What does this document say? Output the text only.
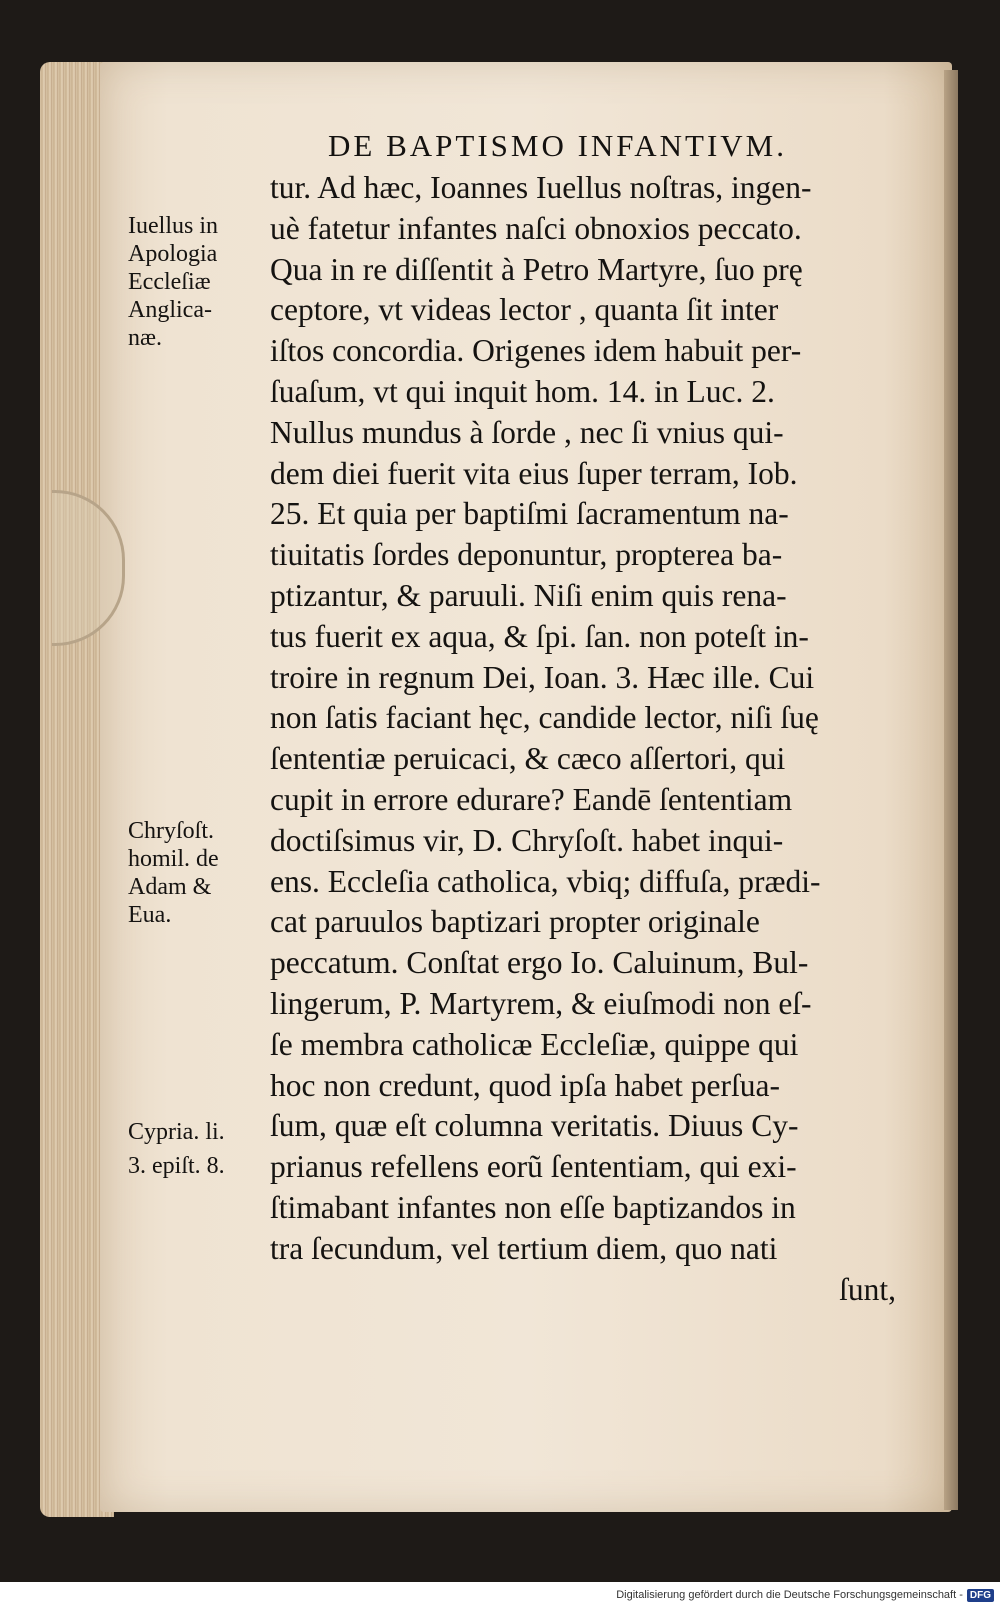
DE BAPTISMO INFANTIVM.
tur. Ad hæc, Ioannes Iuellus noſtras, ingen-
uè fatetur infantes naſci obnoxios peccato.
Qua in re diſſentit à Petro Martyre, ſuo prę
ceptore, vt videas lector , quanta ſit inter
iſtos concordia. Origenes idem habuit per-
ſuaſum, vt qui inquit hom. 14. in Luc. 2.
Nullus mundus à ſorde , nec ſi vnius qui-
dem diei fuerit vita eius ſuper terram, Iob.
25. Et quia per baptiſmi ſacramentum na-
tiuitatis ſordes deponuntur, propterea ba-
ptizantur, & paruuli. Niſi enim quis rena-
tus fuerit ex aqua, & ſpi. ſan. non poteſt in-
troire in regnum Dei, Ioan. 3. Hæc ille. Cui
non ſatis faciant hęc, candide lector, niſi ſuę
ſententiæ peruicaci, & cæco aſſertori, qui
cupit in errore edurare? Eandē ſententiam
doctiſsimus vir, D. Chryſoſt. habet inqui-
ens. Eccleſia catholica, vbiq; diffuſa, prædi-
cat paruulos baptizari propter originale
peccatum. Conſtat ergo Io. Caluinum, Bul-
lingerum, P. Martyrem, & eiuſmodi non eſ-
ſe membra catholicæ Eccleſiæ, quippe qui
hoc non credunt, quod ipſa habet perſua-
ſum, quæ eſt columna veritatis. Diuus Cy-
prianus refellens eorũ ſententiam, qui exi-
ſtimabant infantes non eſſe baptizandos in
tra ſecundum, vel tertium diem, quo nati
ſunt,
Iuellus in
Apologia
Eccleſiæ
Anglica-
næ.
Chryſoſt.
homil. de
Adam &
Eua.
Cypria. li.
3. epiſt. 8.
Digitalisierung gefördert durch die Deutsche Forschungsgemeinschaft - DFG
